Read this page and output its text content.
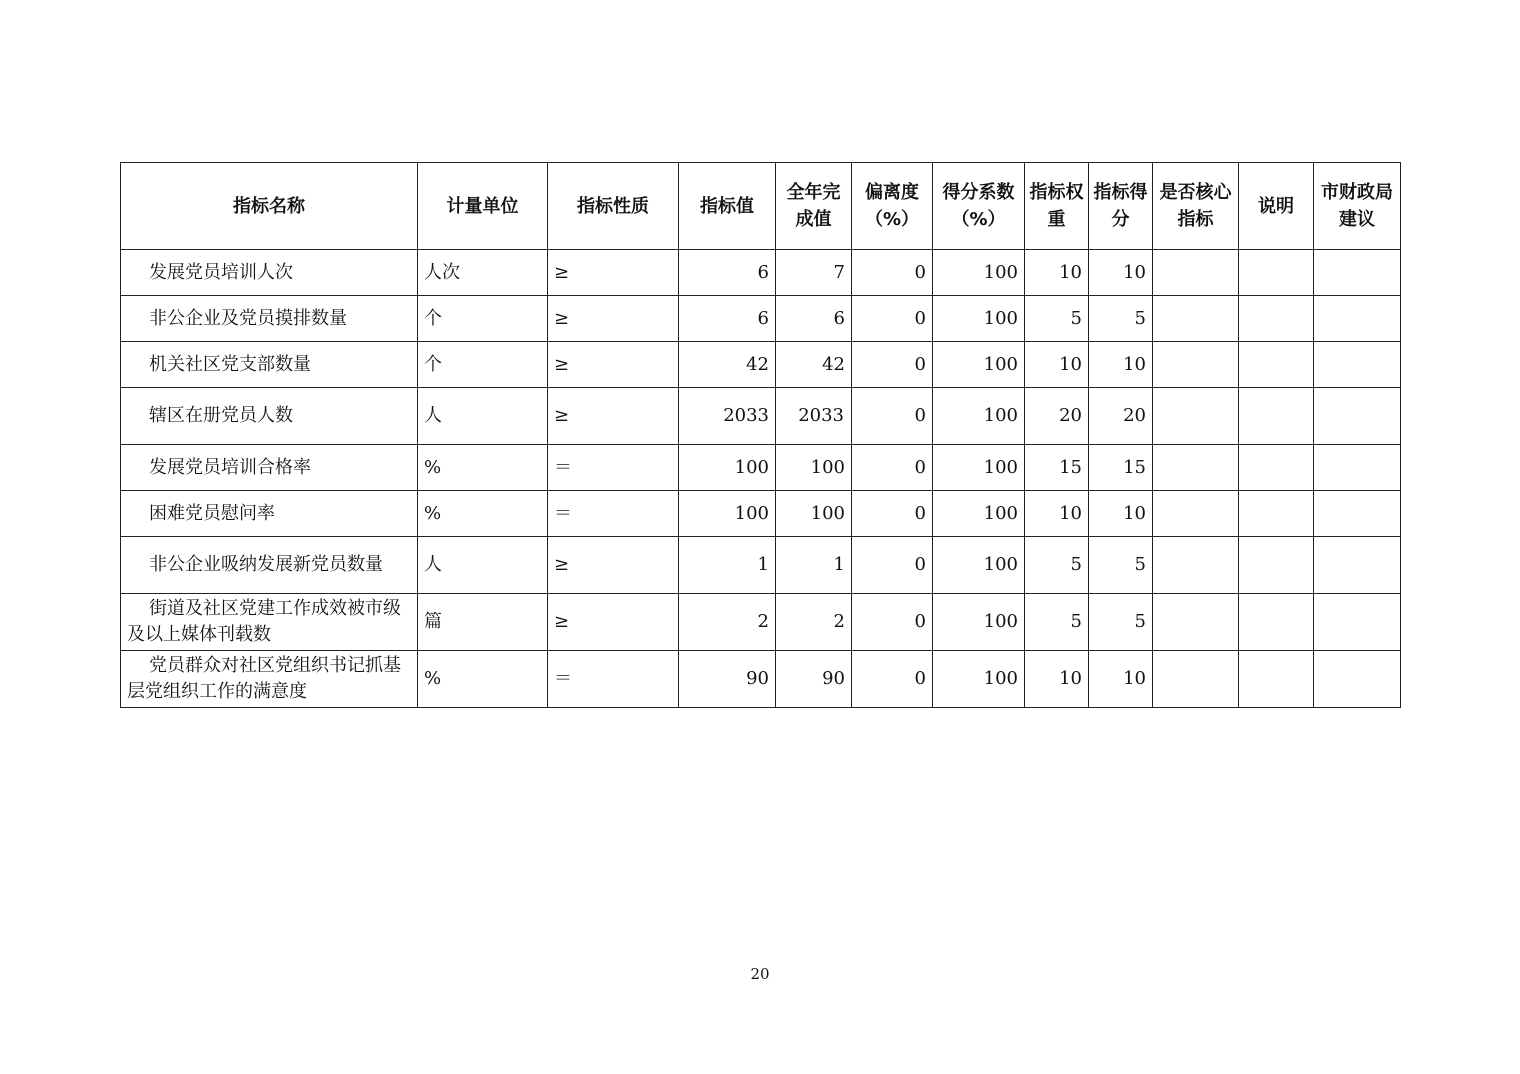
指标名称	计量单位	指标性质	指标值	全年完成值	偏离度（%）	得分系数（%）	指标权重	指标得分	是否核心指标	说明	市财政局建议
发展党员培训人次	人次	≥	6	7	0	100	10	10			
非公企业及党员摸排数量	个	≥	6	6	0	100	5	5			
机关社区党支部数量	个	≥	42	42	0	100	10	10			
辖区在册党员人数	人	≥	2033	2033	0	100	20	20			
发展党员培训合格率	%	＝	100	100	0	100	15	15			
困难党员慰问率	%	＝	100	100	0	100	10	10			
非公企业吸纳发展新党员数量	人	≥	1	1	0	100	5	5			
街道及社区党建工作成效被市级及以上媒体刊载数	篇	≥	2	2	0	100	5	5			
党员群众对社区党组织书记抓基层党组织工作的满意度	%	＝	90	90	0	100	10	10			
20
